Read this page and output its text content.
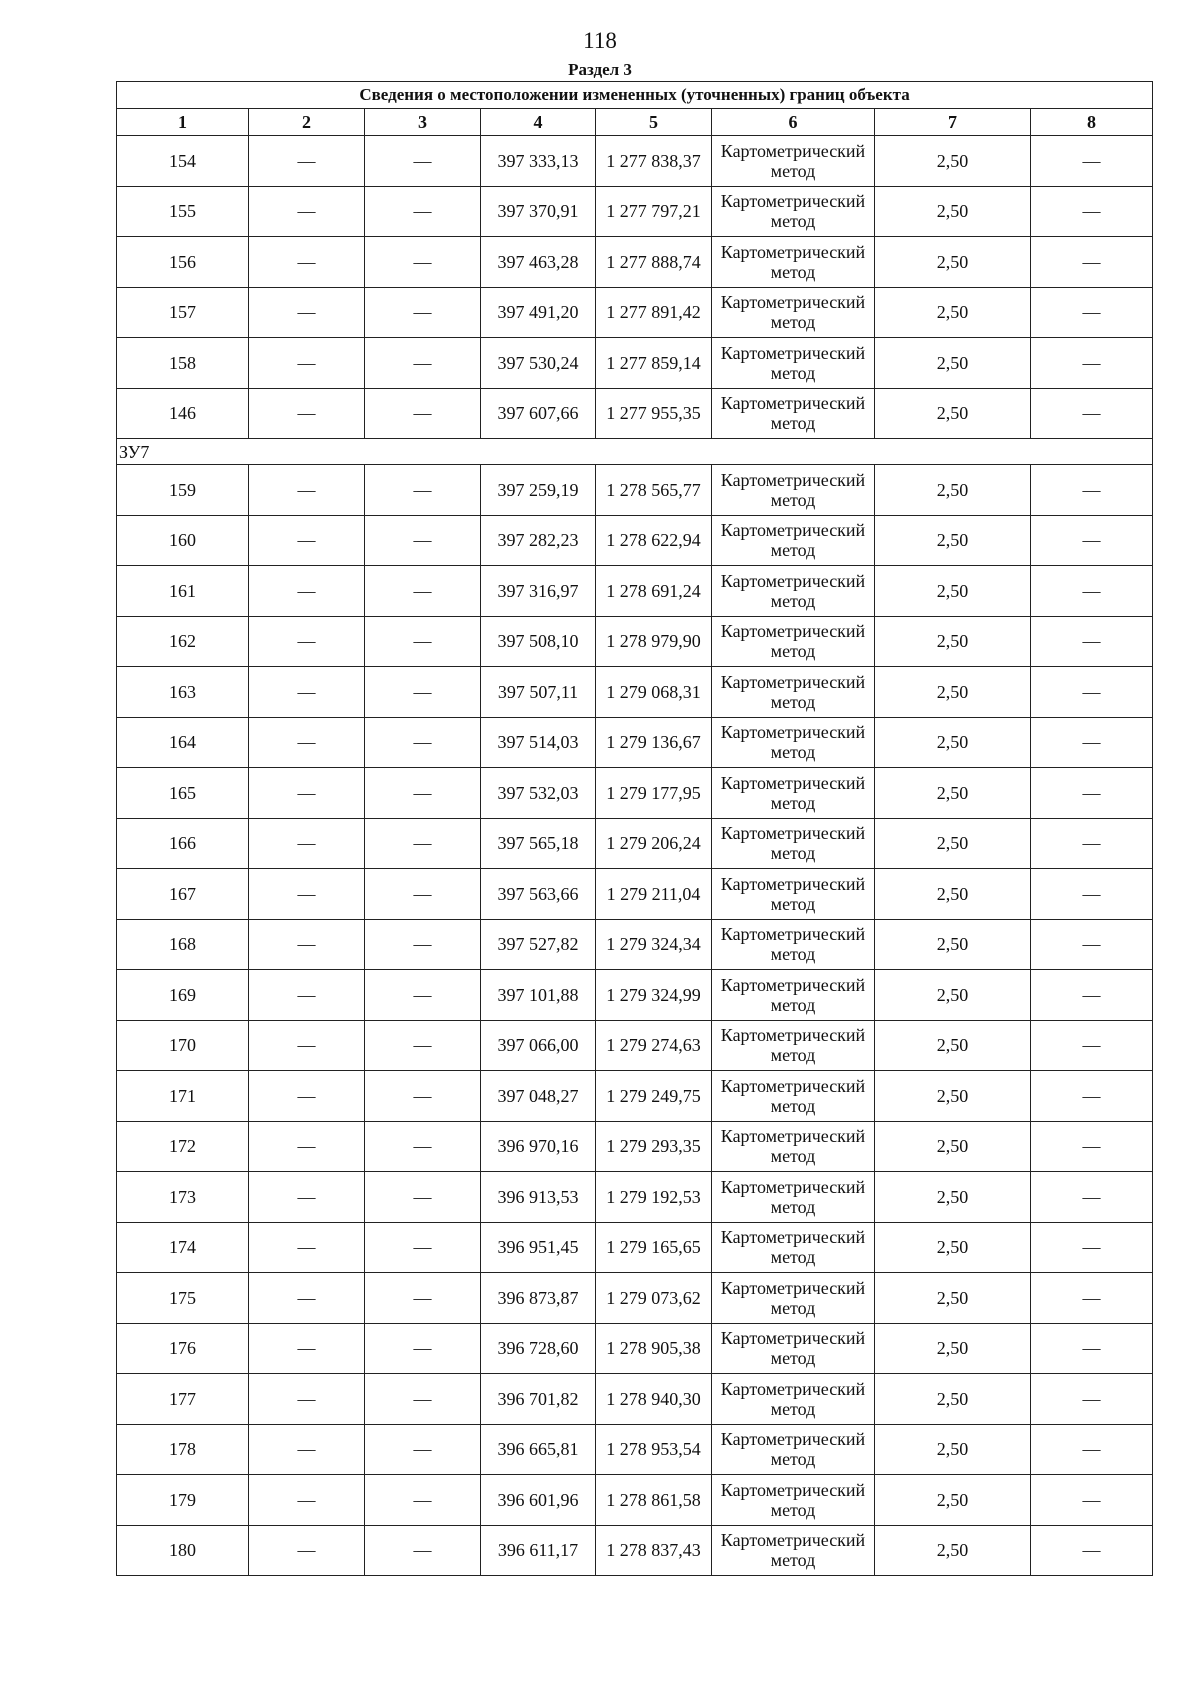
118
Раздел 3
Сведения о местоположении измененных (уточненных) границ объекта							
1	2	3	4	5	6	7	8
154	—	—	397 333,13	1 277 838,37	Картометрический метод	2,50	—
155	—	—	397 370,91	1 277 797,21	Картометрический метод	2,50	—
156	—	—	397 463,28	1 277 888,74	Картометрический метод	2,50	—
157	—	—	397 491,20	1 277 891,42	Картометрический метод	2,50	—
158	—	—	397 530,24	1 277 859,14	Картометрический метод	2,50	—
146	—	—	397 607,66	1 277 955,35	Картометрический метод	2,50	—
ЗУ7							
159	—	—	397 259,19	1 278 565,77	Картометрический метод	2,50	—
160	—	—	397 282,23	1 278 622,94	Картометрический метод	2,50	—
161	—	—	397 316,97	1 278 691,24	Картометрический метод	2,50	—
162	—	—	397 508,10	1 278 979,90	Картометрический метод	2,50	—
163	—	—	397 507,11	1 279 068,31	Картометрический метод	2,50	—
164	—	—	397 514,03	1 279 136,67	Картометрический метод	2,50	—
165	—	—	397 532,03	1 279 177,95	Картометрический метод	2,50	—
166	—	—	397 565,18	1 279 206,24	Картометрический метод	2,50	—
167	—	—	397 563,66	1 279 211,04	Картометрический метод	2,50	—
168	—	—	397 527,82	1 279 324,34	Картометрический метод	2,50	—
169	—	—	397 101,88	1 279 324,99	Картометрический метод	2,50	—
170	—	—	397 066,00	1 279 274,63	Картометрический метод	2,50	—
171	—	—	397 048,27	1 279 249,75	Картометрический метод	2,50	—
172	—	—	396 970,16	1 279 293,35	Картометрический метод	2,50	—
173	—	—	396 913,53	1 279 192,53	Картометрический метод	2,50	—
174	—	—	396 951,45	1 279 165,65	Картометрический метод	2,50	—
175	—	—	396 873,87	1 279 073,62	Картометрический метод	2,50	—
176	—	—	396 728,60	1 278 905,38	Картометрический метод	2,50	—
177	—	—	396 701,82	1 278 940,30	Картометрический метод	2,50	—
178	—	—	396 665,81	1 278 953,54	Картометрический метод	2,50	—
179	—	—	396 601,96	1 278 861,58	Картометрический метод	2,50	—
180	—	—	396 611,17	1 278 837,43	Картометрический метод	2,50	—
